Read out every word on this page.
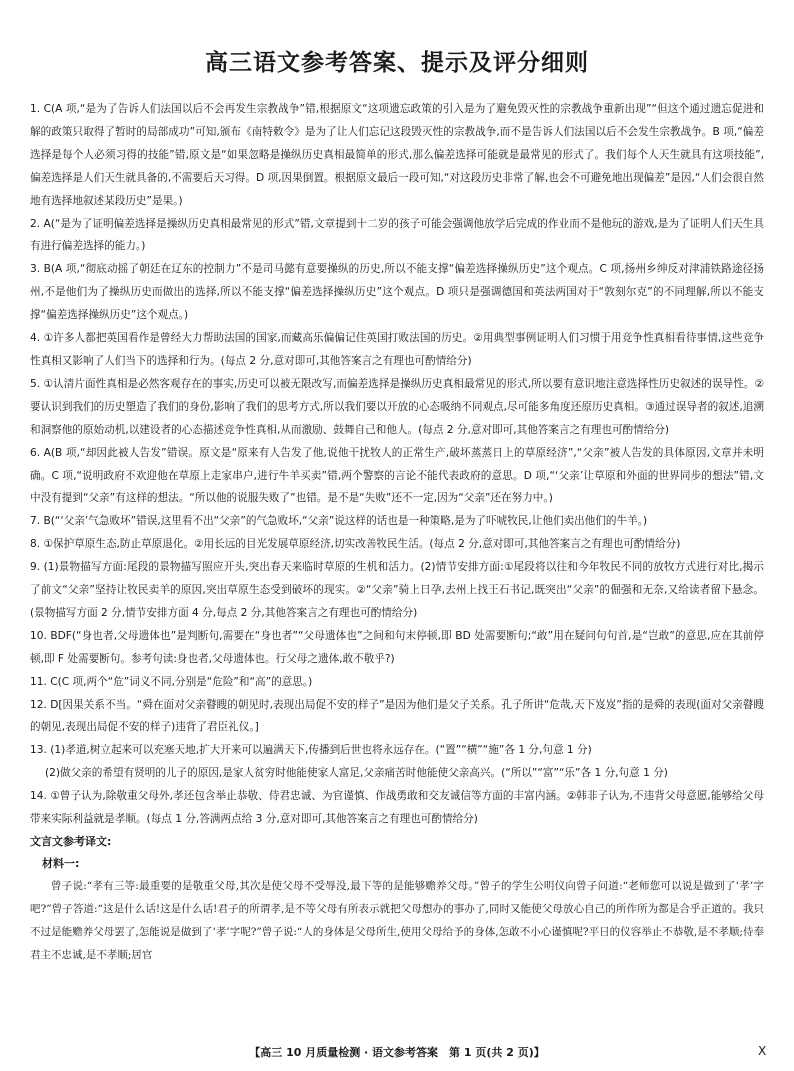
高三语文参考答案、提示及评分细则

1. C(A 项,“是为了告诉人们法国以后不会再发生宗教战争”错,根据原文“这项遗忘政策的引入是为了避免毁灭性的宗教战争重新出现”“但这个通过遗忘促进和解的政策只取得了暂时的局部成功”可知,颁布《南特敕令》是为了让人们忘记这段毁灭性的宗教战争,而不是告诉人们法国以后不会发生宗教战争。B 项,“偏差选择是每个人必须习得的技能”错,原文是“如果忽略是操纵历史真相最简单的形式,那么偏差选择可能就是最常见的形式了。我们每个人天生就具有这项技能”,偏差选择是人们天生就具备的,不需要后天习得。D 项,因果倒置。根据原文最后一段可知,“对这段历史非常了解,也会不可避免地出现偏差”是因,“人们会很自然地有选择地叙述某段历史”是果。)

2. A(“是为了证明偏差选择是操纵历史真相最常见的形式”错,文章提到十二岁的孩子可能会强调他放学后完成的作业而不是他玩的游戏,是为了证明人们天生具有进行偏差选择的能力。)

3. B(A 项,“彻底动摇了朝廷在辽东的控制力”不是司马懿有意要操纵的历史,所以不能支撑“偏差选择操纵历史”这个观点。C 项,扬州乡绅反对津浦铁路途径扬州,不是他们为了操纵历史而做出的选择,所以不能支撑“偏差选择操纵历史”这个观点。D 项只是强调德国和英法两国对于“敦刻尔克”的不同理解,所以不能支撑“偏差选择操纵历史”这个观点。)

4. ①许多人都把英国看作是曾经大力帮助法国的国家,而藏高乐偏偏记住英国打败法国的历史。②用典型事例证明人们习惯于用竞争性真相看待事情,这些竞争性真相又影响了人们当下的选择和行为。(每点 2 分,意对即可,其他答案言之有理也可酌情给分)

5. ①认清片面性真相是必然客观存在的事实,历史可以被无限改写,而偏差选择是操纵历史真相最常见的形式,所以要有意识地注意选择性历史叙述的误导性。②要认识到我们的历史塑造了我们的身份,影响了我们的思考方式,所以我们要以开放的心态吸纳不同观点,尽可能多角度还原历史真相。③通过误导者的叙述,追溯和洞察他的原始动机,以建设者的心态描述竞争性真相,从而激励、鼓舞自己和他人。(每点 2 分,意对即可,其他答案言之有理也可酌情给分)

6. A(B 项,“却因此被人告发”错误。原文是“原来有人告发了他,说他干扰牧人的正常生产,破坏蒸蒸日上的草原经济”,“父亲”被人告发的具体原因,文章并未明确。C 项,“说明政府不欢迎他在草原上走家串户,进行牛羊买卖”错,两个警察的言论不能代表政府的意思。D 项,“‘父亲’让草原和外面的世界同步的想法”错,文中没有提到“父亲”有这样的想法。“所以他的说服失败了”也错。是不是“失败”还不一定,因为“父亲”还在努力中。)

7. B(“‘父亲’气急败坏”错误,这里看不出“父亲”的气急败坏,“父亲”说这样的话也是一种策略,是为了吓唬牧民,让他们卖出他们的牛羊。)

8. ①保护草原生态,防止草原退化。②用长远的目光发展草原经济,切实改善牧民生活。(每点 2 分,意对即可,其他答案言之有理也可酌情给分)

9. (1)景物描写方面:尾段的景物描写照应开头,突出春天来临时草原的生机和活力。(2)情节安排方面:①尾段将以往和今年牧民不同的放牧方式进行对比,揭示了前文“父亲”坚持让牧民卖羊的原因,突出草原生态受到破坏的现实。②“父亲”骑上日孕,去州上找王石书记,既突出“父亲”的倔强和无奈,又给读者留下悬念。(景物描写方面 2 分,情节安排方面 4 分,每点 2 分,其他答案言之有理也可酌情给分)

10. BDF(“身也者,父母遗体也”是判断句,需要在“身也者”“父母遗体也”之间和句末停顿,即 BD 处需要断句;“敢”用在疑问句句首,是“岂敢”的意思,应在其前停顿,即 F 处需要断句。参考句读:身也者,父母遗体也。行父母之遗体,敢不敬乎?)

11. C(C 项,两个“危”词义不同,分别是“危险”和“高”的意思。)

12. D[因果关系不当。“舜在面对父亲瞽瞍的朝见时,表现出局促不安的样子”是因为他们是父子关系。孔子所讲“危哉,天下岌岌”指的是舜的表现(面对父亲瞽瞍的朝见,表现出局促不安的样子)违背了君臣礼仪。]

13. (1)孝道,树立起来可以充塞天地,扩大开来可以遍满天下,传播到后世也将永远存在。(“置”“横”“施”各 1 分,句意 1 分)

(2)做父亲的希望有贤明的儿子的原因,是家人贫穷时他能使家人富足,父亲痛苦时他能使父亲高兴。(“所以”“富”“乐”各 1 分,句意 1 分)

14. ①曾子认为,除敬重父母外,孝还包含举止恭敬、侍君忠诚、为官谨慎、作战勇敢和交友诚信等方面的丰富内涵。②韩非子认为,不违背父母意愿,能够给父母带来实际利益就是孝顺。(每点 1 分,答满两点给 3 分,意对即可,其他答案言之有理也可酌情给分)

文言文参考译文:

材料一:

曾子说:“孝有三等:最重要的是敬重父母,其次是使父母不受辱没,最下等的是能够赡养父母。”曾子的学生公明仪向曾子问道:“老师您可以说是做到了‘孝’字吧?”曾子答道:“这是什么话!这是什么话!君子的所谓孝,是不等父母有所表示就把父母想办的事办了,同时又能使父母放心自己的所作所为都是合乎正道的。我只不过是能赡养父母罢了,怎能说是做到了‘孝’字呢?”曾子说:“人的身体是父母所生,使用父母给予的身体,怎敢不小心谨慎呢?平日的仪容举止不恭敬,是不孝顺;侍奉君主不忠诚,是不孝顺;居官

【高三 10 月质量检测 · 语文参考答案　第 1 页(共 2 页)】	X
